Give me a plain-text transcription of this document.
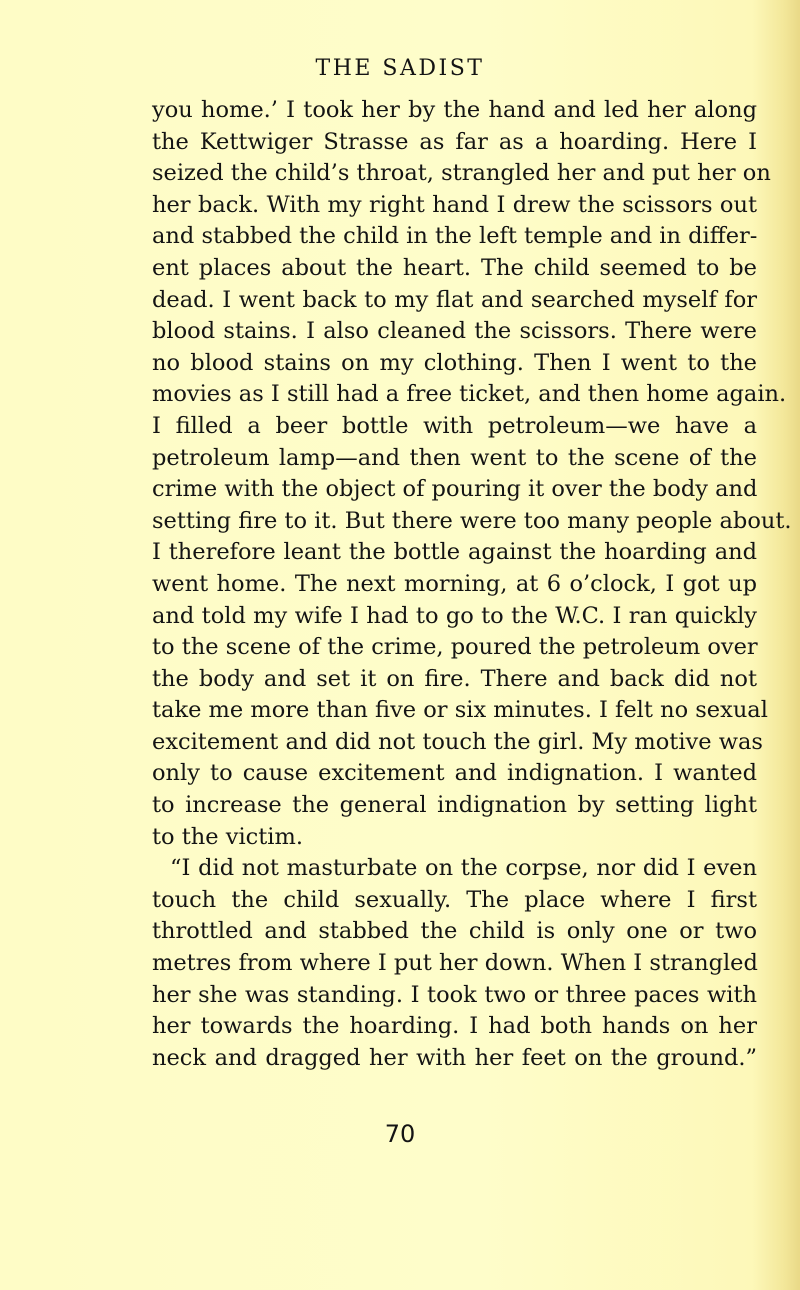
THE SADIST
you home.’ I took her by the hand and led her along
the Kettwiger Strasse as far as a hoarding. Here I
seized the child’s throat, strangled her and put her on
her back. With my right hand I drew the scissors out
and stabbed the child in the left temple and in differ-
ent places about the heart. The child seemed to be
dead. I went back to my flat and searched myself for
blood stains. I also cleaned the scissors. There were
no blood stains on my clothing. Then I went to the
movies as I still had a free ticket, and then home again.
I filled a beer bottle with petroleum—we have a
petroleum lamp—and then went to the scene of the
crime with the object of pouring it over the body and
setting fire to it. But there were too many people about.
I therefore leant the bottle against the hoarding and
went home. The next morning, at 6 o’clock, I got up
and told my wife I had to go to the W.C. I ran quickly
to the scene of the crime, poured the petroleum over
the body and set it on fire. There and back did not
take me more than five or six minutes. I felt no sexual
excitement and did not touch the girl. My motive was
only to cause excitement and indignation. I wanted
to increase the general indignation by setting light
to the victim.
“I did not masturbate on the corpse, nor did I even
touch the child sexually. The place where I first
throttled and stabbed the child is only one or two
metres from where I put her down. When I strangled
her she was standing. I took two or three paces with
her towards the hoarding. I had both hands on her
neck and dragged her with her feet on the ground.”
70
